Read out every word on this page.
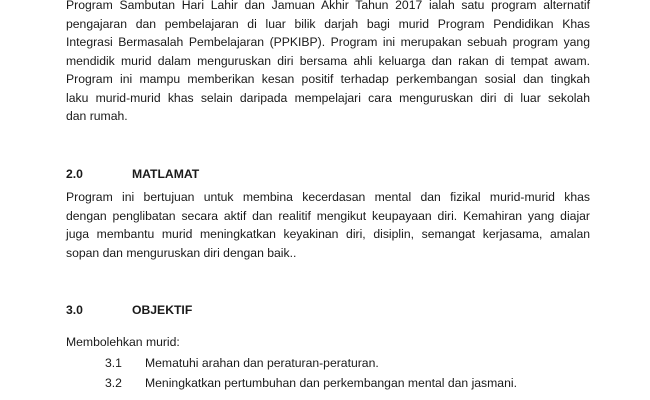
Program Sambutan Hari Lahir dan Jamuan Akhir Tahun 2017 ialah satu program alternatif
pengajaran dan pembelajaran di luar bilik darjah bagi murid Program Pendidikan Khas
Integrasi Bermasalah Pembelajaran (PPKIBP). Program ini merupakan sebuah program yang
mendidik murid dalam menguruskan diri bersama ahli keluarga dan rakan di tempat awam.
Program ini mampu memberikan kesan positif terhadap perkembangan sosial dan tingkah
laku murid-murid khas selain daripada mempelajari cara menguruskan diri di luar sekolah
dan rumah.
2.0	MATLAMAT
Program ini bertujuan untuk membina kecerdasan mental dan fizikal murid-murid khas
dengan penglibatan secara aktif dan realitif mengikut keupayaan diri. Kemahiran yang diajar
juga membantu murid meningkatkan keyakinan diri, disiplin, semangat kerjasama, amalan
sopan dan menguruskan diri dengan baik..
3.0	OBJEKTIF
Membolehkan murid:
3.1 Mematuhi arahan dan peraturan-peraturan.
3.2 Meningkatkan pertumbuhan dan perkembangan mental dan jasmani.
